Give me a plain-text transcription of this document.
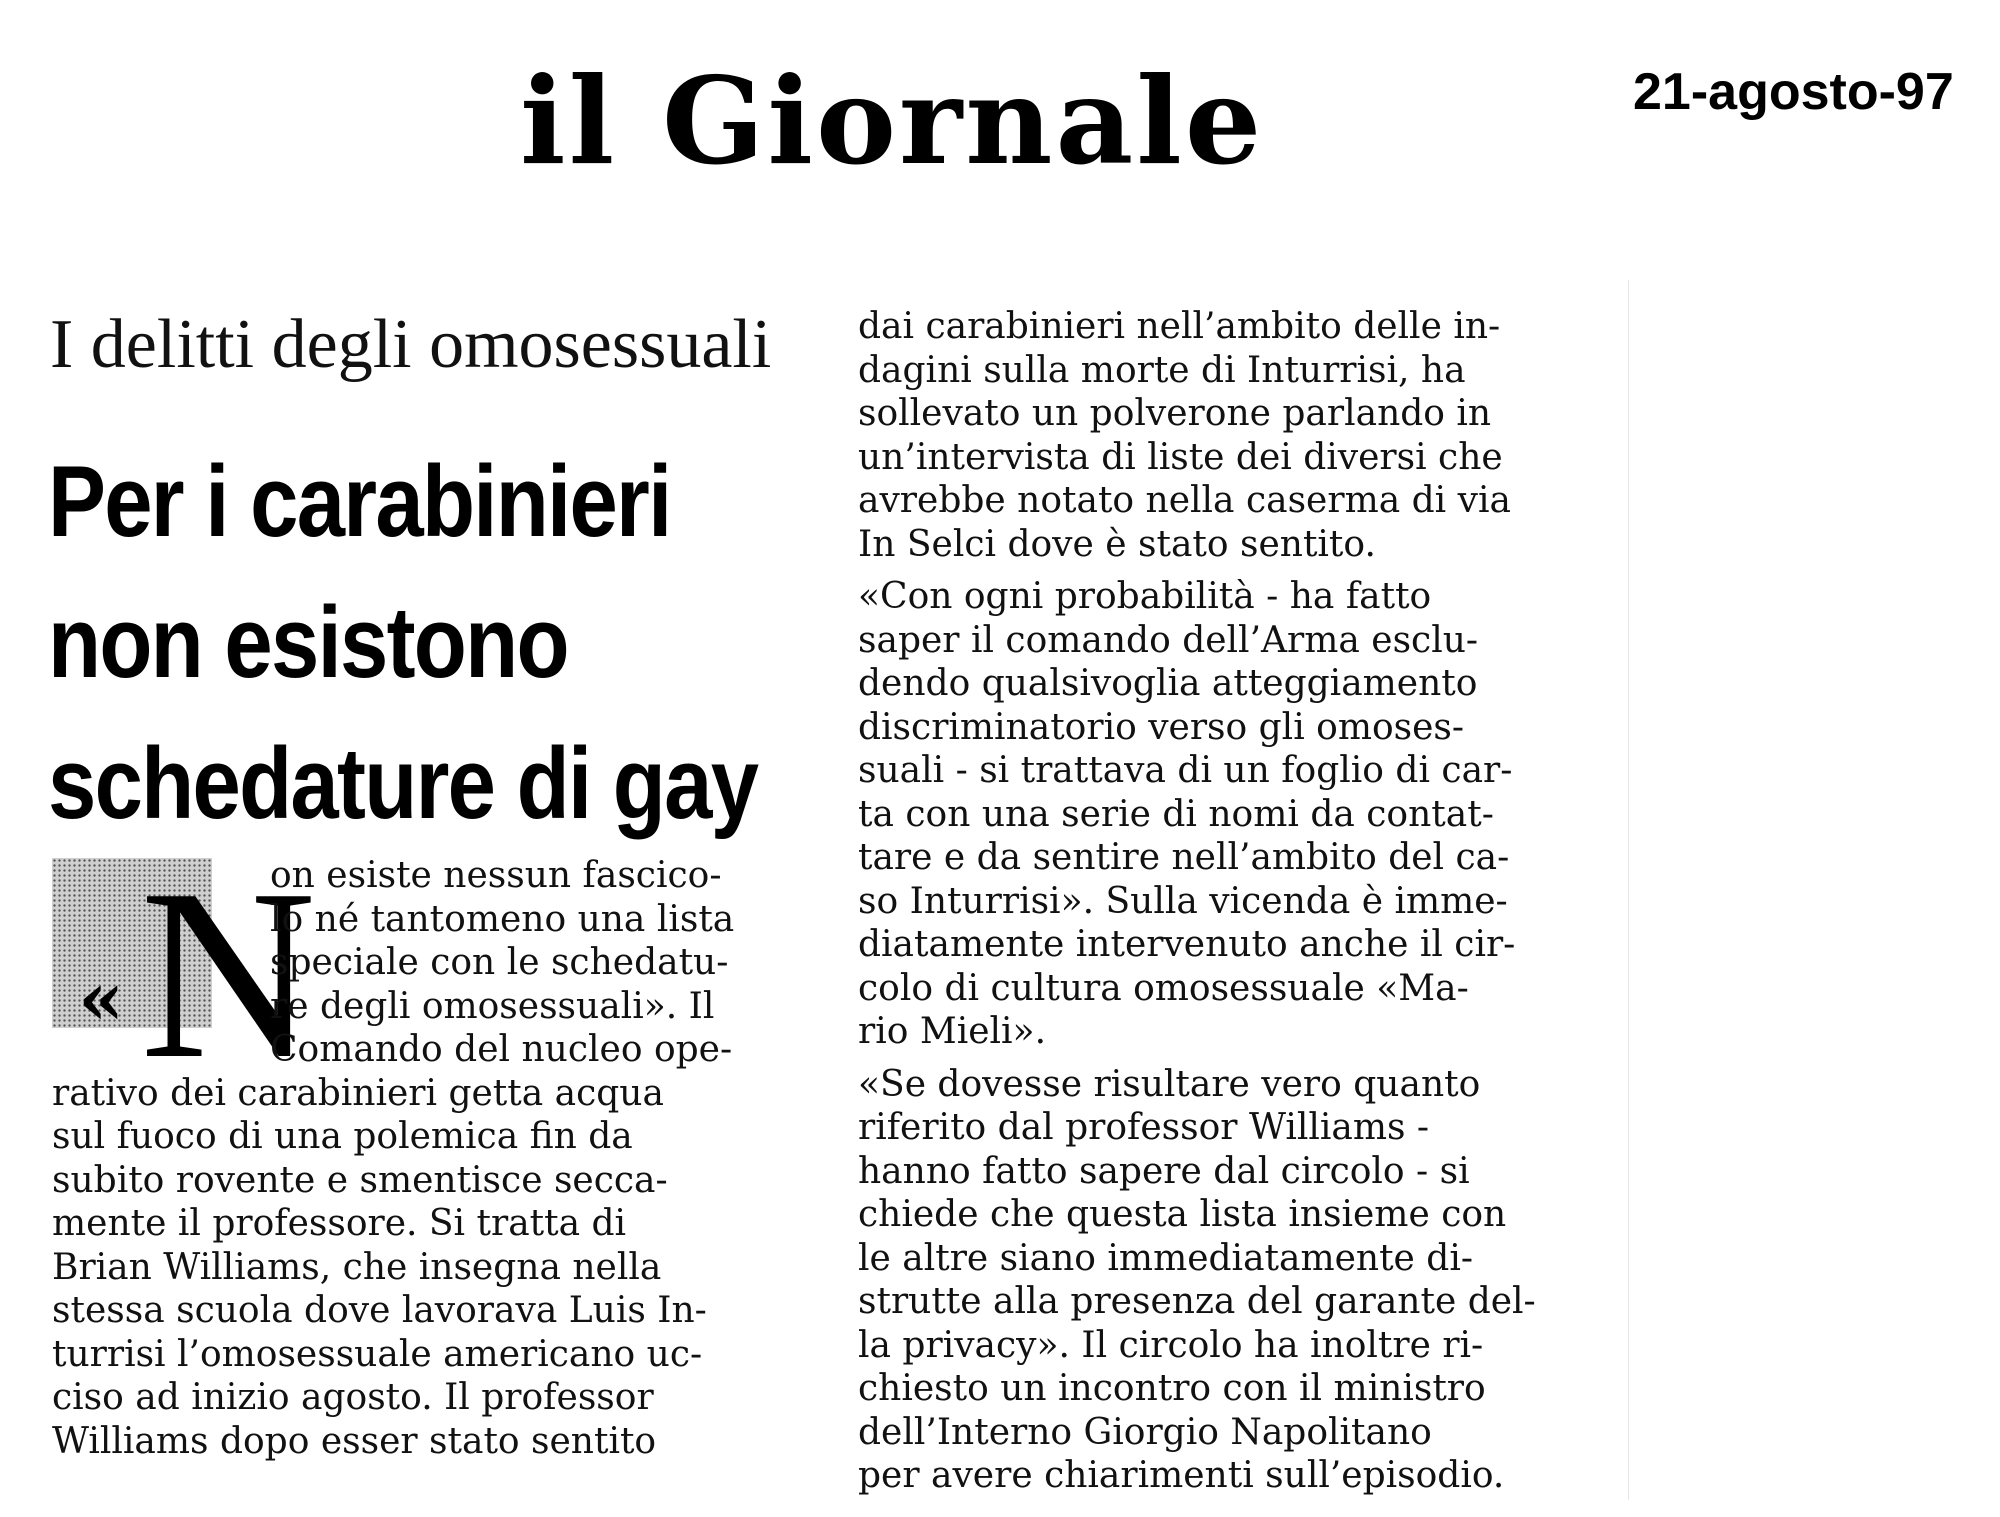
il Giornale	21-agosto-97
I delitti degli omosessuali
Per i carabinieri
non esistono
schedature di gay
« N
on esiste nessun fascico-
lo né tantomeno una lista
speciale con le schedatu-
re degli omosessuali». Il
Comando del nucleo ope-
rativo dei carabinieri getta acqua
sul fuoco di una polemica fin da
subito rovente e smentisce secca-
mente il professore. Si tratta di
Brian Williams, che insegna nella
stessa scuola dove lavorava Luis In-
turrisi l’omosessuale americano uc-
ciso ad inizio agosto. Il professor
Williams dopo esser stato sentito
dai carabinieri nell’ambito delle in-
dagini sulla morte di Inturrisi, ha
sollevato un polverone parlando in
un’intervista di liste dei diversi che
avrebbe notato nella caserma di via
In Selci dove è stato sentito.
«Con ogni probabilità - ha fatto
saper il comando dell’Arma esclu-
dendo qualsivoglia atteggiamento
discriminatorio verso gli omoses-
suali - si trattava di un foglio di car-
ta con una serie di nomi da contat-
tare e da sentire nell’ambito del ca-
so Inturrisi». Sulla vicenda è imme-
diatamente intervenuto anche il cir-
colo di cultura omosessuale «Ma-
rio Mieli».
«Se dovesse risultare vero quanto
riferito dal professor Williams -
hanno fatto sapere dal circolo - si
chiede che questa lista insieme con
le altre siano immediatamente di-
strutte alla presenza del garante del-
la privacy». Il circolo ha inoltre ri-
chiesto un incontro con il ministro
dell’Interno Giorgio Napolitano
per avere chiarimenti sull’episodio.
